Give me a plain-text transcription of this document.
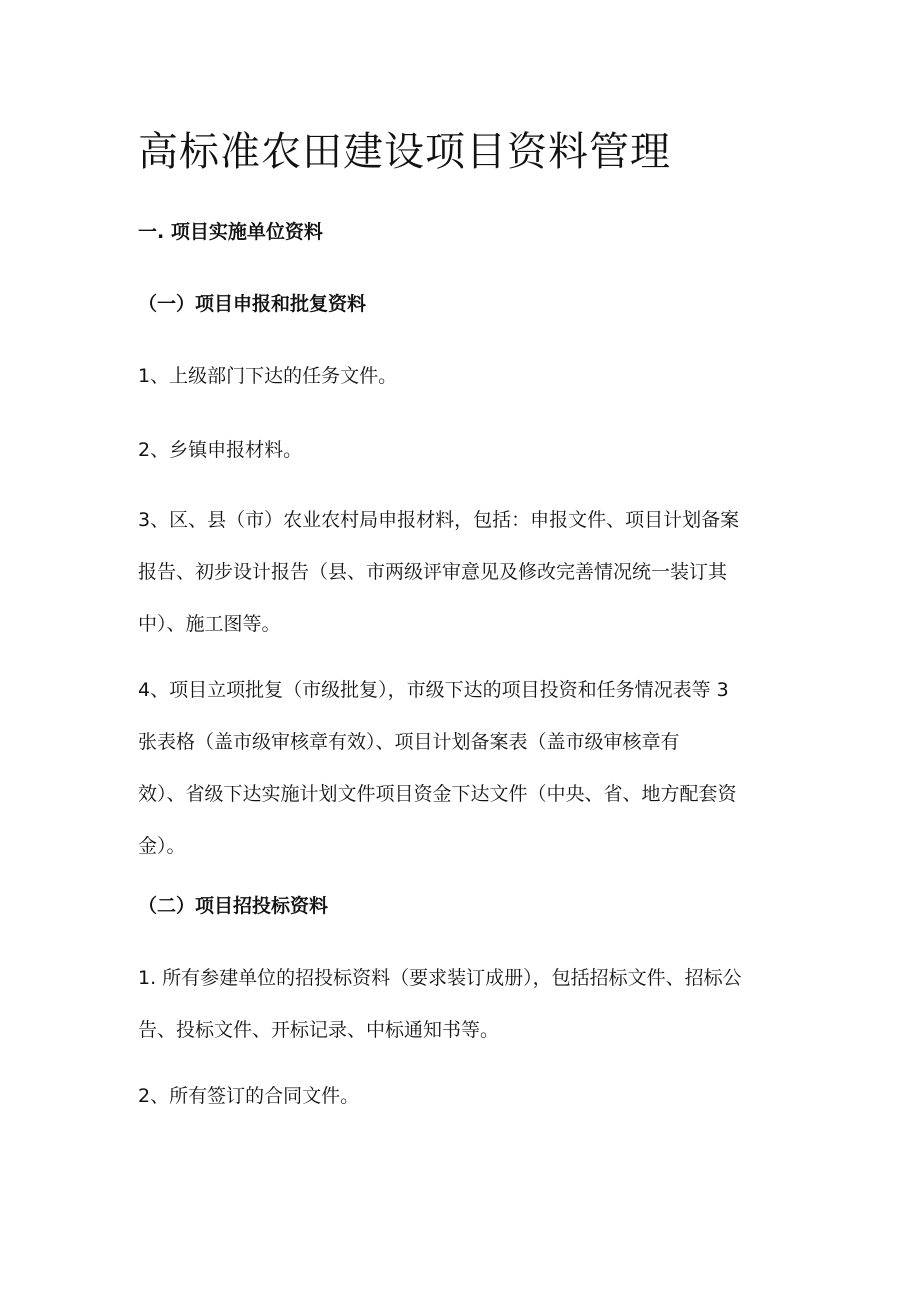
高标准农田建设项目资料管理
一. 项目实施单位资料
（一）项目申报和批复资料

1、上级部门下达的任务文件。

2、乡镇申报材料。

3、区、县（市）农业农村局申报材料，包括：申报文件、项目计划备案
报告、初步设计报告（县、市两级评审意见及修改完善情况统一装订其
中）、施工图等。

4、项目立项批复（市级批复），市级下达的项目投资和任务情况表等 3
张表格（盖市级审核章有效）、项目计划备案表（盖市级审核章有
效）、省级下达实施计划文件项目资金下达文件（中央、省、地方配套资
金）。

（二）项目招投标资料

1. 所有参建单位的招投标资料（要求装订成册），包括招标文件、招标公
告、投标文件、开标记录、中标通知书等。

2、所有签订的合同文件。
